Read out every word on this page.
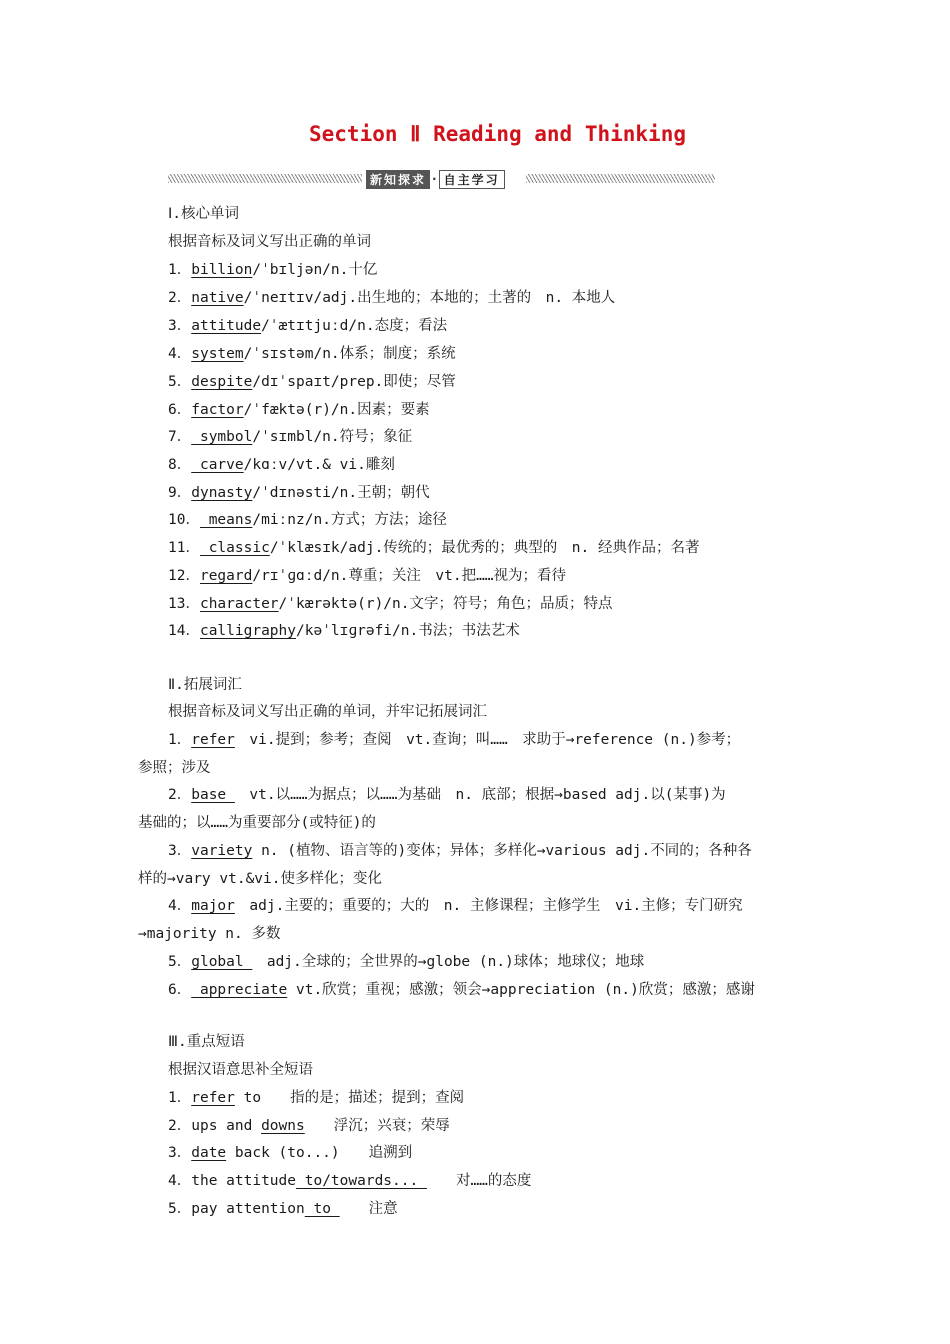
Section Ⅱ Reading and Thinking
新知探求 · 自主学习
Ⅰ.核心单词
根据音标及词义写出正确的单词
1．billion/ˈbɪljən/n.十亿
2．native/ˈneɪtɪv/adj.出生地的；本地的；土著的　n. 本地人
3．attitude/ˈætɪtjuːd/n.态度；看法
4．system/ˈsɪstəm/n.体系；制度；系统
5．despite/dɪˈspaɪt/prep.即使；尽管
6．factor/ˈfæktə(r)/n.因素；要素
7． symbol/ˈsɪmbl/n.符号；象征
8． carve/kɑːv/vt.& vi.雕刻
9．dynasty/ˈdɪnəsti/n.王朝；朝代
10． means/miːnz/n.方式；方法；途径
11． classic/ˈklæsɪk/adj.传统的；最优秀的；典型的　n. 经典作品；名著
12．regard/rɪˈɡɑːd/n.尊重；关注　vt.把……视为；看待
13．character/ˈkærəktə(r)/n.文字；符号；角色；品质；特点
14．calligraphy/kəˈlɪɡrəfi/n.书法；书法艺术
Ⅱ.拓展词汇
根据音标及词义写出正确的单词，并牢记拓展词汇
1．refer　vi.提到；参考；查阅　vt.查询；叫……　求助于→reference (n.)参考；
参照；涉及
2．base 　vt.以……为据点；以……为基础　n. 底部；根据→based adj.以(某事)为
基础的；以……为重要部分(或特征)的
3．variety n. (植物、语言等的)变体；异体；多样化→various adj.不同的；各种各
样的→vary vt.&vi.使多样化；变化
4．major　adj.主要的；重要的；大的　n. 主修课程；主修学生　vi.主修；专门研究
→majority n. 多数
5．global 　adj.全球的；全世界的→globe (n.)球体；地球仪；地球
6． appreciate vt.欣赏；重视；感激；领会→appreciation (n.)欣赏；感激；感谢
Ⅲ.重点短语
根据汉语意思补全短语
1．refer to　　指的是；描述；提到；查阅
2．ups and downs　　浮沉；兴衰；荣辱
3．date back (to...)　　追溯到
4．the attitude to/towards... 　　对……的态度
5．pay attention to 　　注意
